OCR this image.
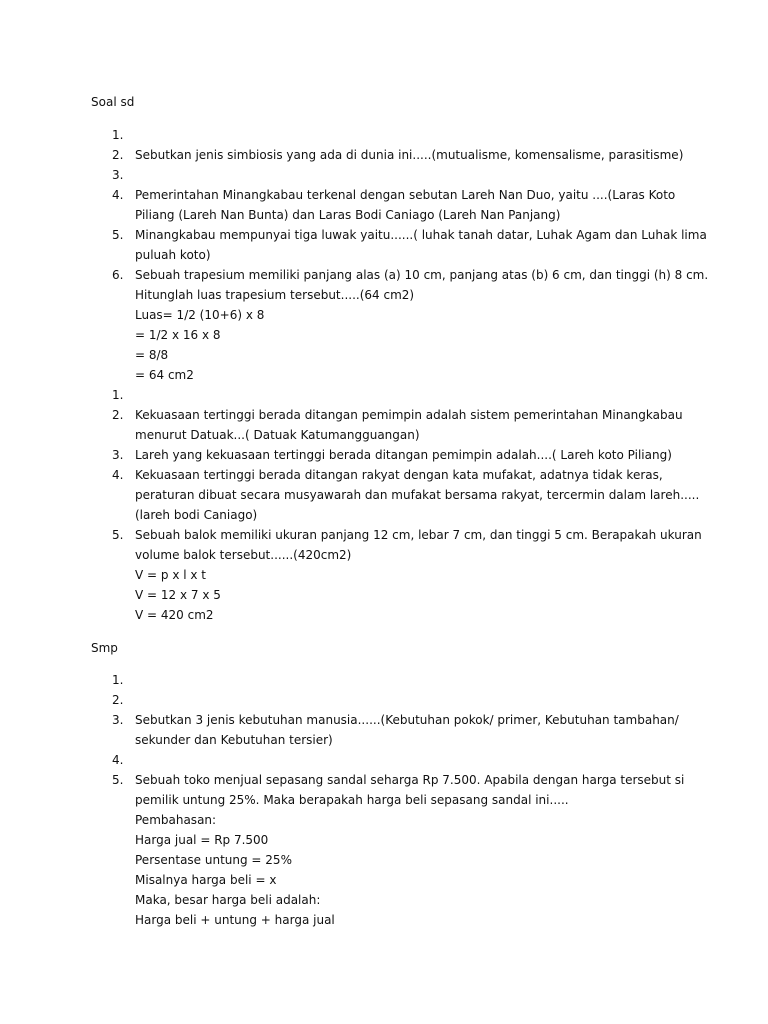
Soal sd
1.
2. Sebutkan jenis simbiosis yang ada di dunia ini.....(mutualisme, komensalisme, parasitisme)
3.
4. Pemerintahan Minangkabau terkenal dengan sebutan Lareh Nan Duo, yaitu ....(Laras Koto
Piliang (Lareh Nan Bunta) dan Laras Bodi Caniago (Lareh Nan Panjang)
5. Minangkabau mempunyai tiga luwak yaitu......( luhak tanah datar, Luhak Agam dan Luhak lima
puluah koto)
6. Sebuah trapesium memiliki panjang alas (a) 10 cm, panjang atas (b) 6 cm, dan tinggi (h) 8 cm.
Hitunglah luas trapesium tersebut.....(64 cm2)
Luas= 1/2 (10+6) x 8
= 1/2 x 16 x 8
= 8/8
= 64 cm2
1.
2. Kekuasaan tertinggi berada ditangan pemimpin adalah sistem pemerintahan Minangkabau
menurut Datuak...( Datuak Katumangguangan)
3. Lareh yang kekuasaan tertinggi berada ditangan pemimpin adalah....( Lareh koto Piliang)
4. Kekuasaan tertinggi berada ditangan rakyat dengan kata mufakat, adatnya tidak keras,
peraturan dibuat secara musyawarah dan mufakat bersama rakyat, tercermin dalam lareh.....
(lareh bodi Caniago)
5. Sebuah balok memiliki ukuran panjang 12 cm, lebar 7 cm, dan tinggi 5 cm. Berapakah ukuran
volume balok tersebut......(420cm2)
V = p x l x t
V = 12 x 7 x 5
V = 420 cm2
Smp
1.
2.
3. Sebutkan 3 jenis kebutuhan manusia......(Kebutuhan pokok/ primer, Kebutuhan tambahan/
sekunder dan Kebutuhan tersier)
4.
5. Sebuah toko menjual sepasang sandal seharga Rp 7.500. Apabila dengan harga tersebut si
pemilik untung 25%. Maka berapakah harga beli sepasang sandal ini.....
Pembahasan:
Harga jual = Rp 7.500
Persentase untung = 25%
Misalnya harga beli = x
Maka, besar harga beli adalah:
Harga beli + untung + harga jual
